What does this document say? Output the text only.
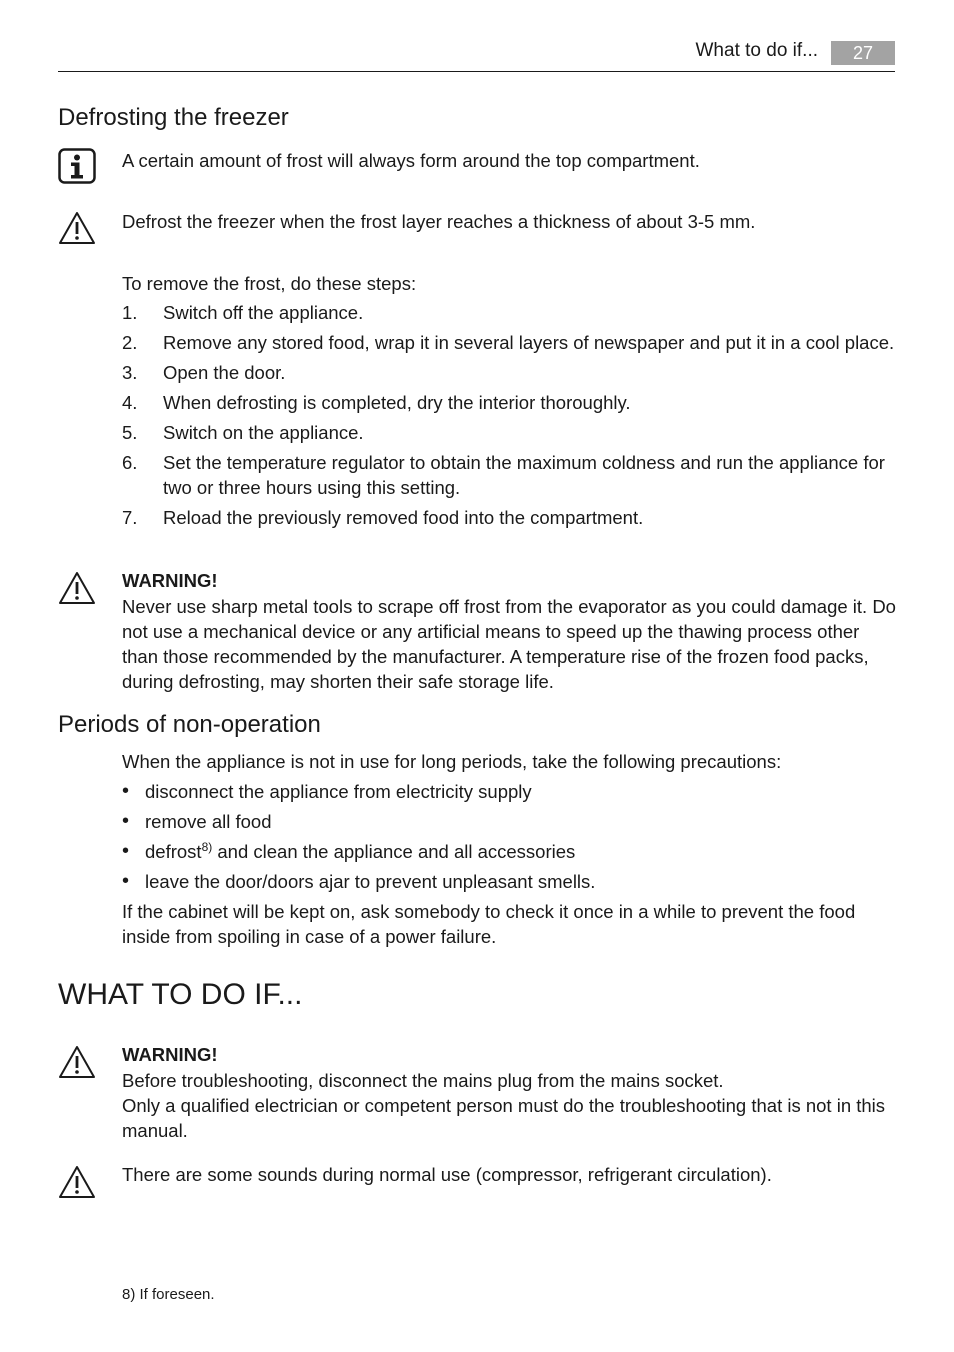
What to do if...	27
Defrosting the freezer
A certain amount of frost will always form around the top compartment.
Defrost the freezer when the frost layer reaches a thickness of about 3-5 mm.
To remove the frost, do these steps:
1. Switch off the appliance.
2. Remove any stored food, wrap it in several layers of newspaper and put it in a cool place.
3. Open the door.
4. When defrosting is completed, dry the interior thoroughly.
5. Switch on the appliance.
6. Set the temperature regulator to obtain the maximum coldness and run the appliance for two or three hours using this setting.
7. Reload the previously removed food into the compartment.
WARNING!
Never use sharp metal tools to scrape off frost from the evaporator as you could damage it. Do not use a mechanical device or any artificial means to speed up the thawing process other than those recommended by the manufacturer. A temperature rise of the frozen food packs, during defrosting, may shorten their safe storage life.
Periods of non-operation
When the appliance is not in use for long periods, take the following precautions:
• disconnect the appliance from electricity supply
• remove all food
• defrost$^{8)}$ and clean the appliance and all accessories
• leave the door/doors ajar to prevent unpleasant smells.
If the cabinet will be kept on, ask somebody to check it once in a while to prevent the food inside from spoiling in case of a power failure.
WHAT TO DO IF...
WARNING!
Before troubleshooting, disconnect the mains plug from the mains socket.
Only a qualified electrician or competent person must do the troubleshooting that is not in this manual.
There are some sounds during normal use (compressor, refrigerant circulation).
8) If foreseen.
